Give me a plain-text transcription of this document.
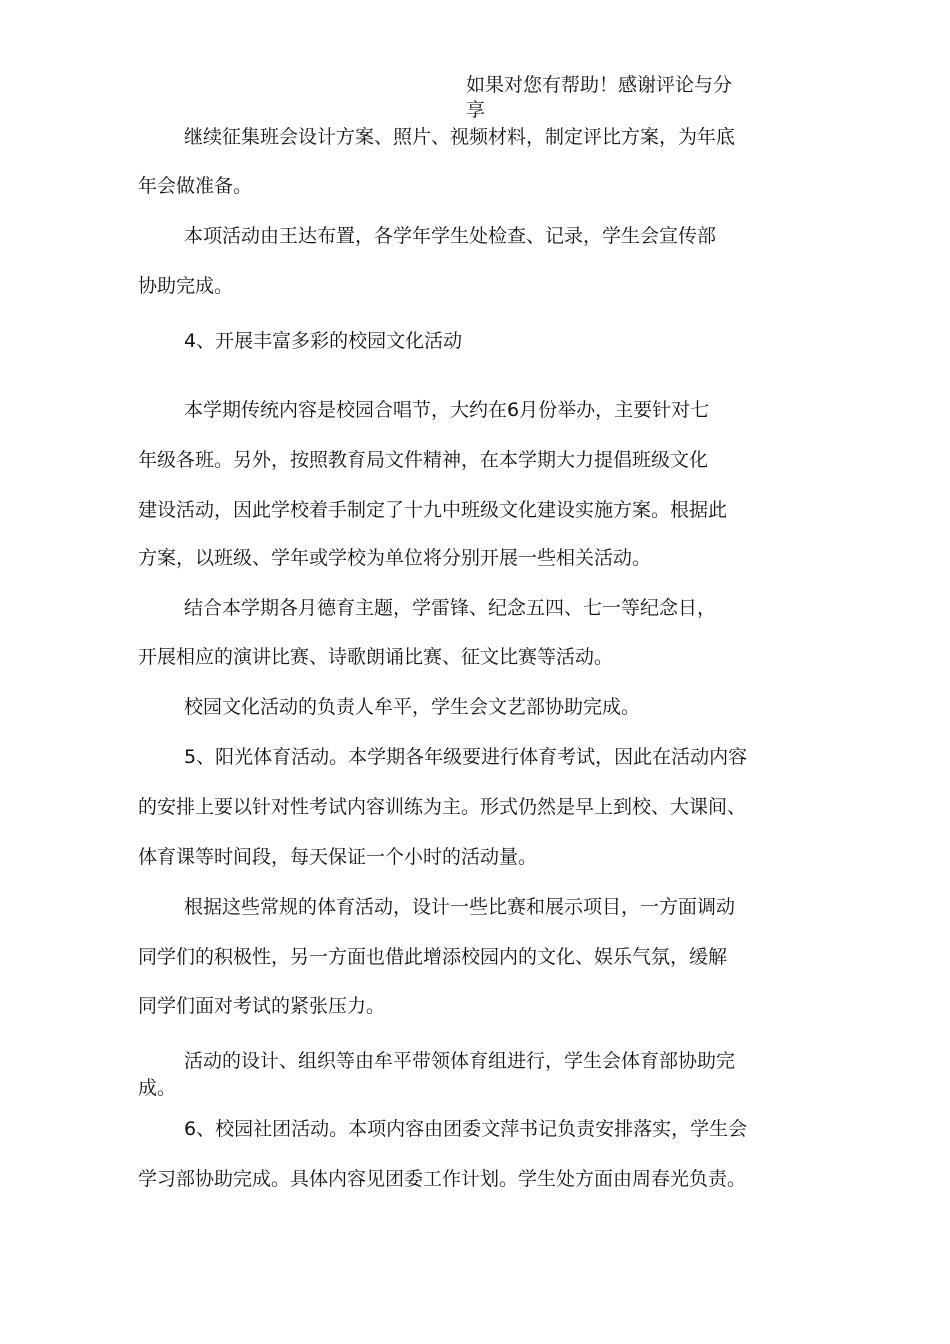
如果对您有帮助！感谢评论与分
享
继续征集班会设计方案、照片、视频材料，制定评比方案，为年底
年会做准备。
本项活动由王达布置，各学年学生处检查、记录，学生会宣传部
协助完成。
4、开展丰富多彩的校园文化活动
本学期传统内容是校园合唱节，大约在6月份举办，主要针对七
年级各班。另外，按照教育局文件精神，在本学期大力提倡班级文化
建设活动，因此学校着手制定了十九中班级文化建设实施方案。根据此
方案，以班级、学年或学校为单位将分别开展一些相关活动。
结合本学期各月德育主题，学雷锋、纪念五四、七一等纪念日，
开展相应的演讲比赛、诗歌朗诵比赛、征文比赛等活动。
校园文化活动的负责人牟平，学生会文艺部协助完成。
5、阳光体育活动。本学期各年级要进行体育考试，因此在活动内容
的安排上要以针对性考试内容训练为主。形式仍然是早上到校、大课间、
体育课等时间段，每天保证一个小时的活动量。
根据这些常规的体育活动，设计一些比赛和展示项目，一方面调动
同学们的积极性，另一方面也借此增添校园内的文化、娱乐气氛，缓解
同学们面对考试的紧张压力。
活动的设计、组织等由牟平带领体育组进行，学生会体育部协助完
成。
6、校园社团活动。本项内容由团委文萍书记负责安排落实，学生会
学习部协助完成。具体内容见团委工作计划。学生处方面由周春光负责。
